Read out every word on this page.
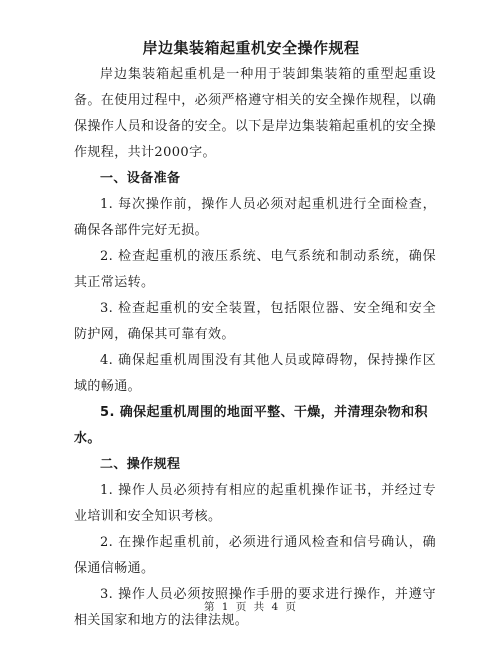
岸边集装箱起重机安全操作规程

岸边集装箱起重机是一种用于装卸集装箱的重型起重设备。在使用过程中，必须严格遵守相关的安全操作规程，以确保操作人员和设备的安全。以下是岸边集装箱起重机的安全操作规程，共计2000字。

一、设备准备

1. 每次操作前，操作人员必须对起重机进行全面检查，确保各部件完好无损。

2. 检查起重机的液压系统、电气系统和制动系统，确保其正常运转。

3. 检查起重机的安全装置，包括限位器、安全绳和安全防护网，确保其可靠有效。

4. 确保起重机周围没有其他人员或障碍物，保持操作区域的畅通。

5. 确保起重机周围的地面平整、干燥，并清理杂物和积水。

二、操作规程

1. 操作人员必须持有相应的起重机操作证书，并经过专业培训和安全知识考核。

2. 在操作起重机前，必须进行通风检查和信号确认，确保通信畅通。

3. 操作人员必须按照操作手册的要求进行操作，并遵守相关国家和地方的法律法规。

第 1 页 共 4 页
